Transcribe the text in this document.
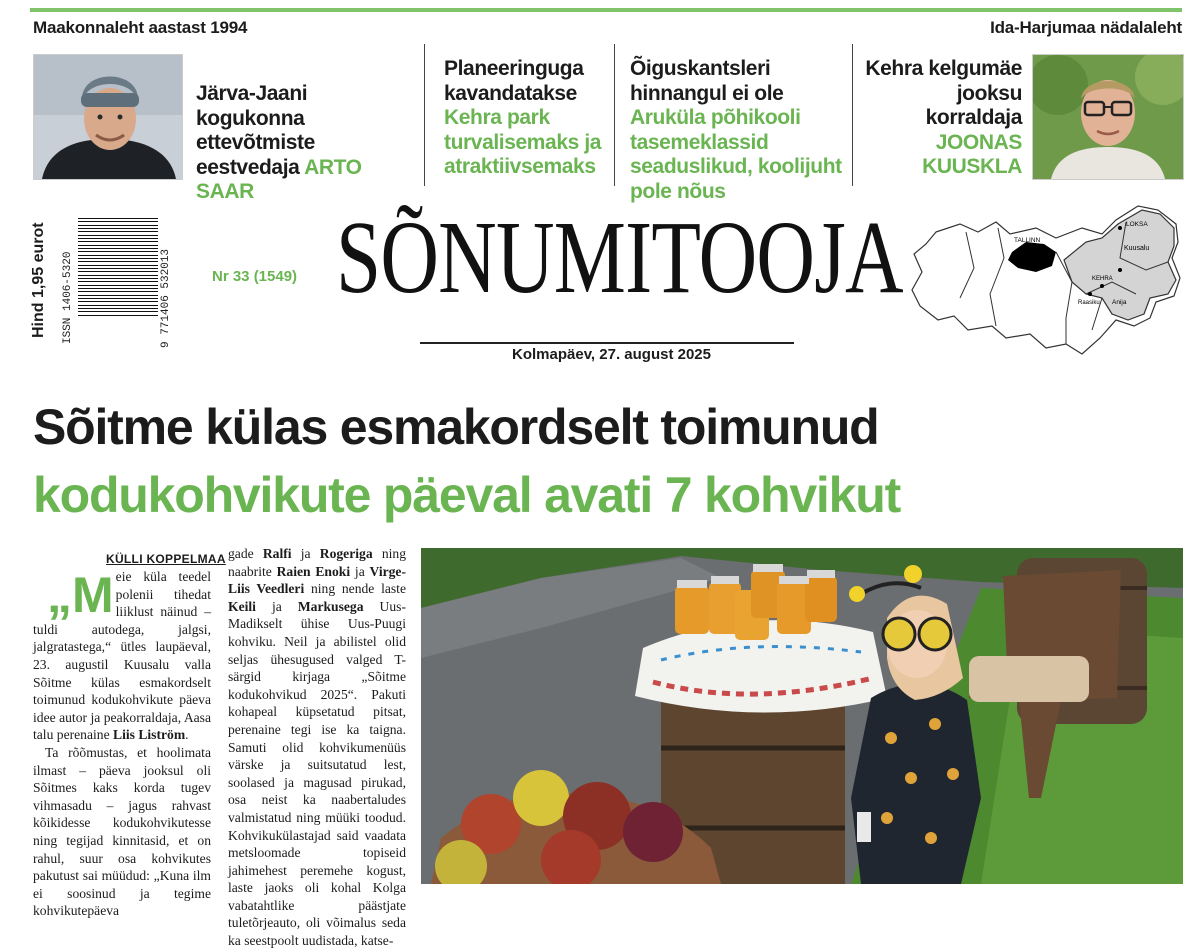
Maakonnaleht aastast 1994	Ida-Harjumaa nädalaleht
Järva-Jaani kogukonna ettevõtmiste eestvedaja ARTO SAAR
Planeeringuga kavandatakse Kehra park turvalisemaks ja atraktiivsemaks
Õiguskantsleri hinnangul ei ole Aruküla põhikooli tasemeklassid seaduslikud, koolijuht pole nõus
Kehra kelgumäe jooksu korraldaja JOONAS KUUSKLA
Hind 1,95 eurot ISSN 1406-5320	9 771406 532013	Nr 33 (1549) SÕNUMITOOJA
Kolmapäev, 27. august 2025
TALLINN
LOKSA
Kuusalu
KEHRA
Raasiku Anija
Sõitme külas esmakordselt toimunud
kodukohvikute päeval avati 7 kohvikut
KÜLLI KOPPELMAA

„Meie küla teedel polenii tihedat liiklust näinud – tuldi autodega, jalgsi, jalgratastega,“ ütles laupäeval, 23. augustil Kuusalu valla Sõitme külas esmakordselt toimunud kodukohvikute päeva idee autor ja peakorraldaja, Aasa talu perenaine Liis Liström.

Ta rõõmustas, et hoolimata ilmast – päeva jooksul oli Sõitmes kaks korda tugev vihmasadu – jagus rahvast kõikidesse kodukohvikutesse ning tegijad kinnitasid, et on rahul, suur osa kohvikutes pakutust sai müüdud: „Kuna ilm ei soosinud ja tegime kohvikutepäeva

gade Ralfi ja Rogeriga ning naabrite Raien Enoki ja Virge-Liis Veedleri ning nende laste Keili ja Markusega Uus-Madikselt ühise Uus-Puugi kohviku. Neil ja abilistel olid seljas ühesugused valged T-särgid kirjaga „Sõitme kodukohvikud 2025“. Pakuti kohapeal küpsetatud pitsat, perenaine tegi ise ka taigna. Samuti olid kohvikumenüüs värske ja suitsutatud lest, soolased ja magusad pirukad, osa neist ka naabertaludes valmistatud ning müüki toodud. Kohvikukülastajad said vaadata metsloomade topiseid jahimehest peremehe kogust, laste jaoks oli kohal Kolga vabatahtlike päästjate tuletõrjeauto, oli võimalus seda ka seestpoolt uudistada, katse-
